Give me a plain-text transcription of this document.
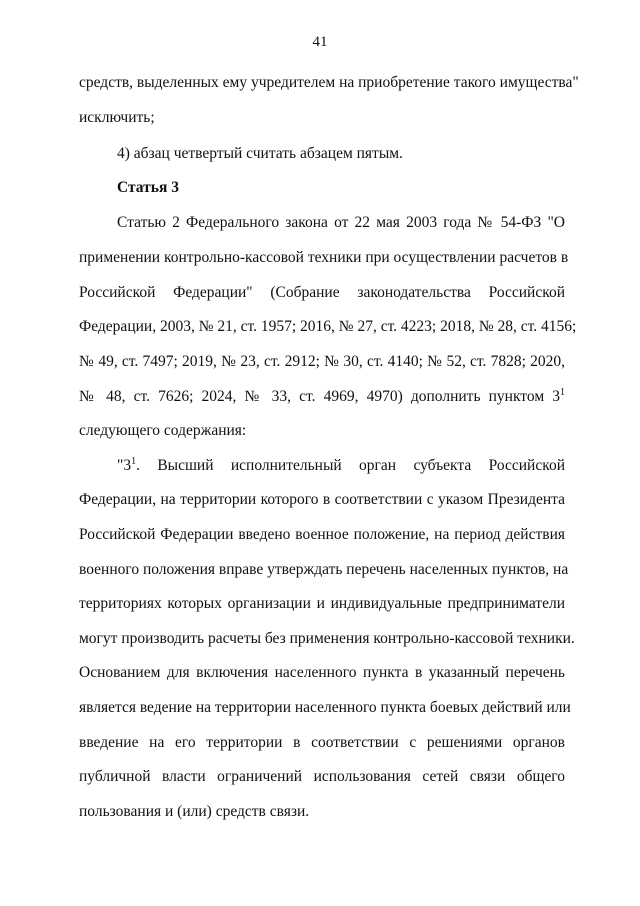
41
средств, выделенных ему учредителем на приобретение такого имущества"
исключить;
4) абзац четвертый считать абзацем пятым.
Статья 3
Статью 2 Федерального закона от 22 мая 2003 года № 54-ФЗ "О
применении контрольно-кассовой техники при осуществлении расчетов в
Российской Федерации" (Собрание законодательства Российской
Федерации, 2003, № 21, ст. 1957; 2016, № 27, ст. 4223; 2018, № 28, ст. 4156;
№ 49, ст. 7497; 2019, № 23, ст. 2912; № 30, ст. 4140; № 52, ст. 7828; 2020,
№ 48, ст. 7626; 2024, № 33, ст. 4969, 4970) дополнить пунктом $3^1$
следующего содержания:
"$3^1$. Высший исполнительный орган субъекта Российской
Федерации, на территории которого в соответствии с указом Президента
Российской Федерации введено военное положение, на период действия
военного положения вправе утверждать перечень населенных пунктов, на
территориях которых организации и индивидуальные предприниматели
могут производить расчеты без применения контрольно-кассовой техники.
Основанием для включения населенного пункта в указанный перечень
является ведение на территории населенного пункта боевых действий или
введение на его территории в соответствии с решениями органов
публичной власти ограничений использования сетей связи общего
пользования и (или) средств связи.
